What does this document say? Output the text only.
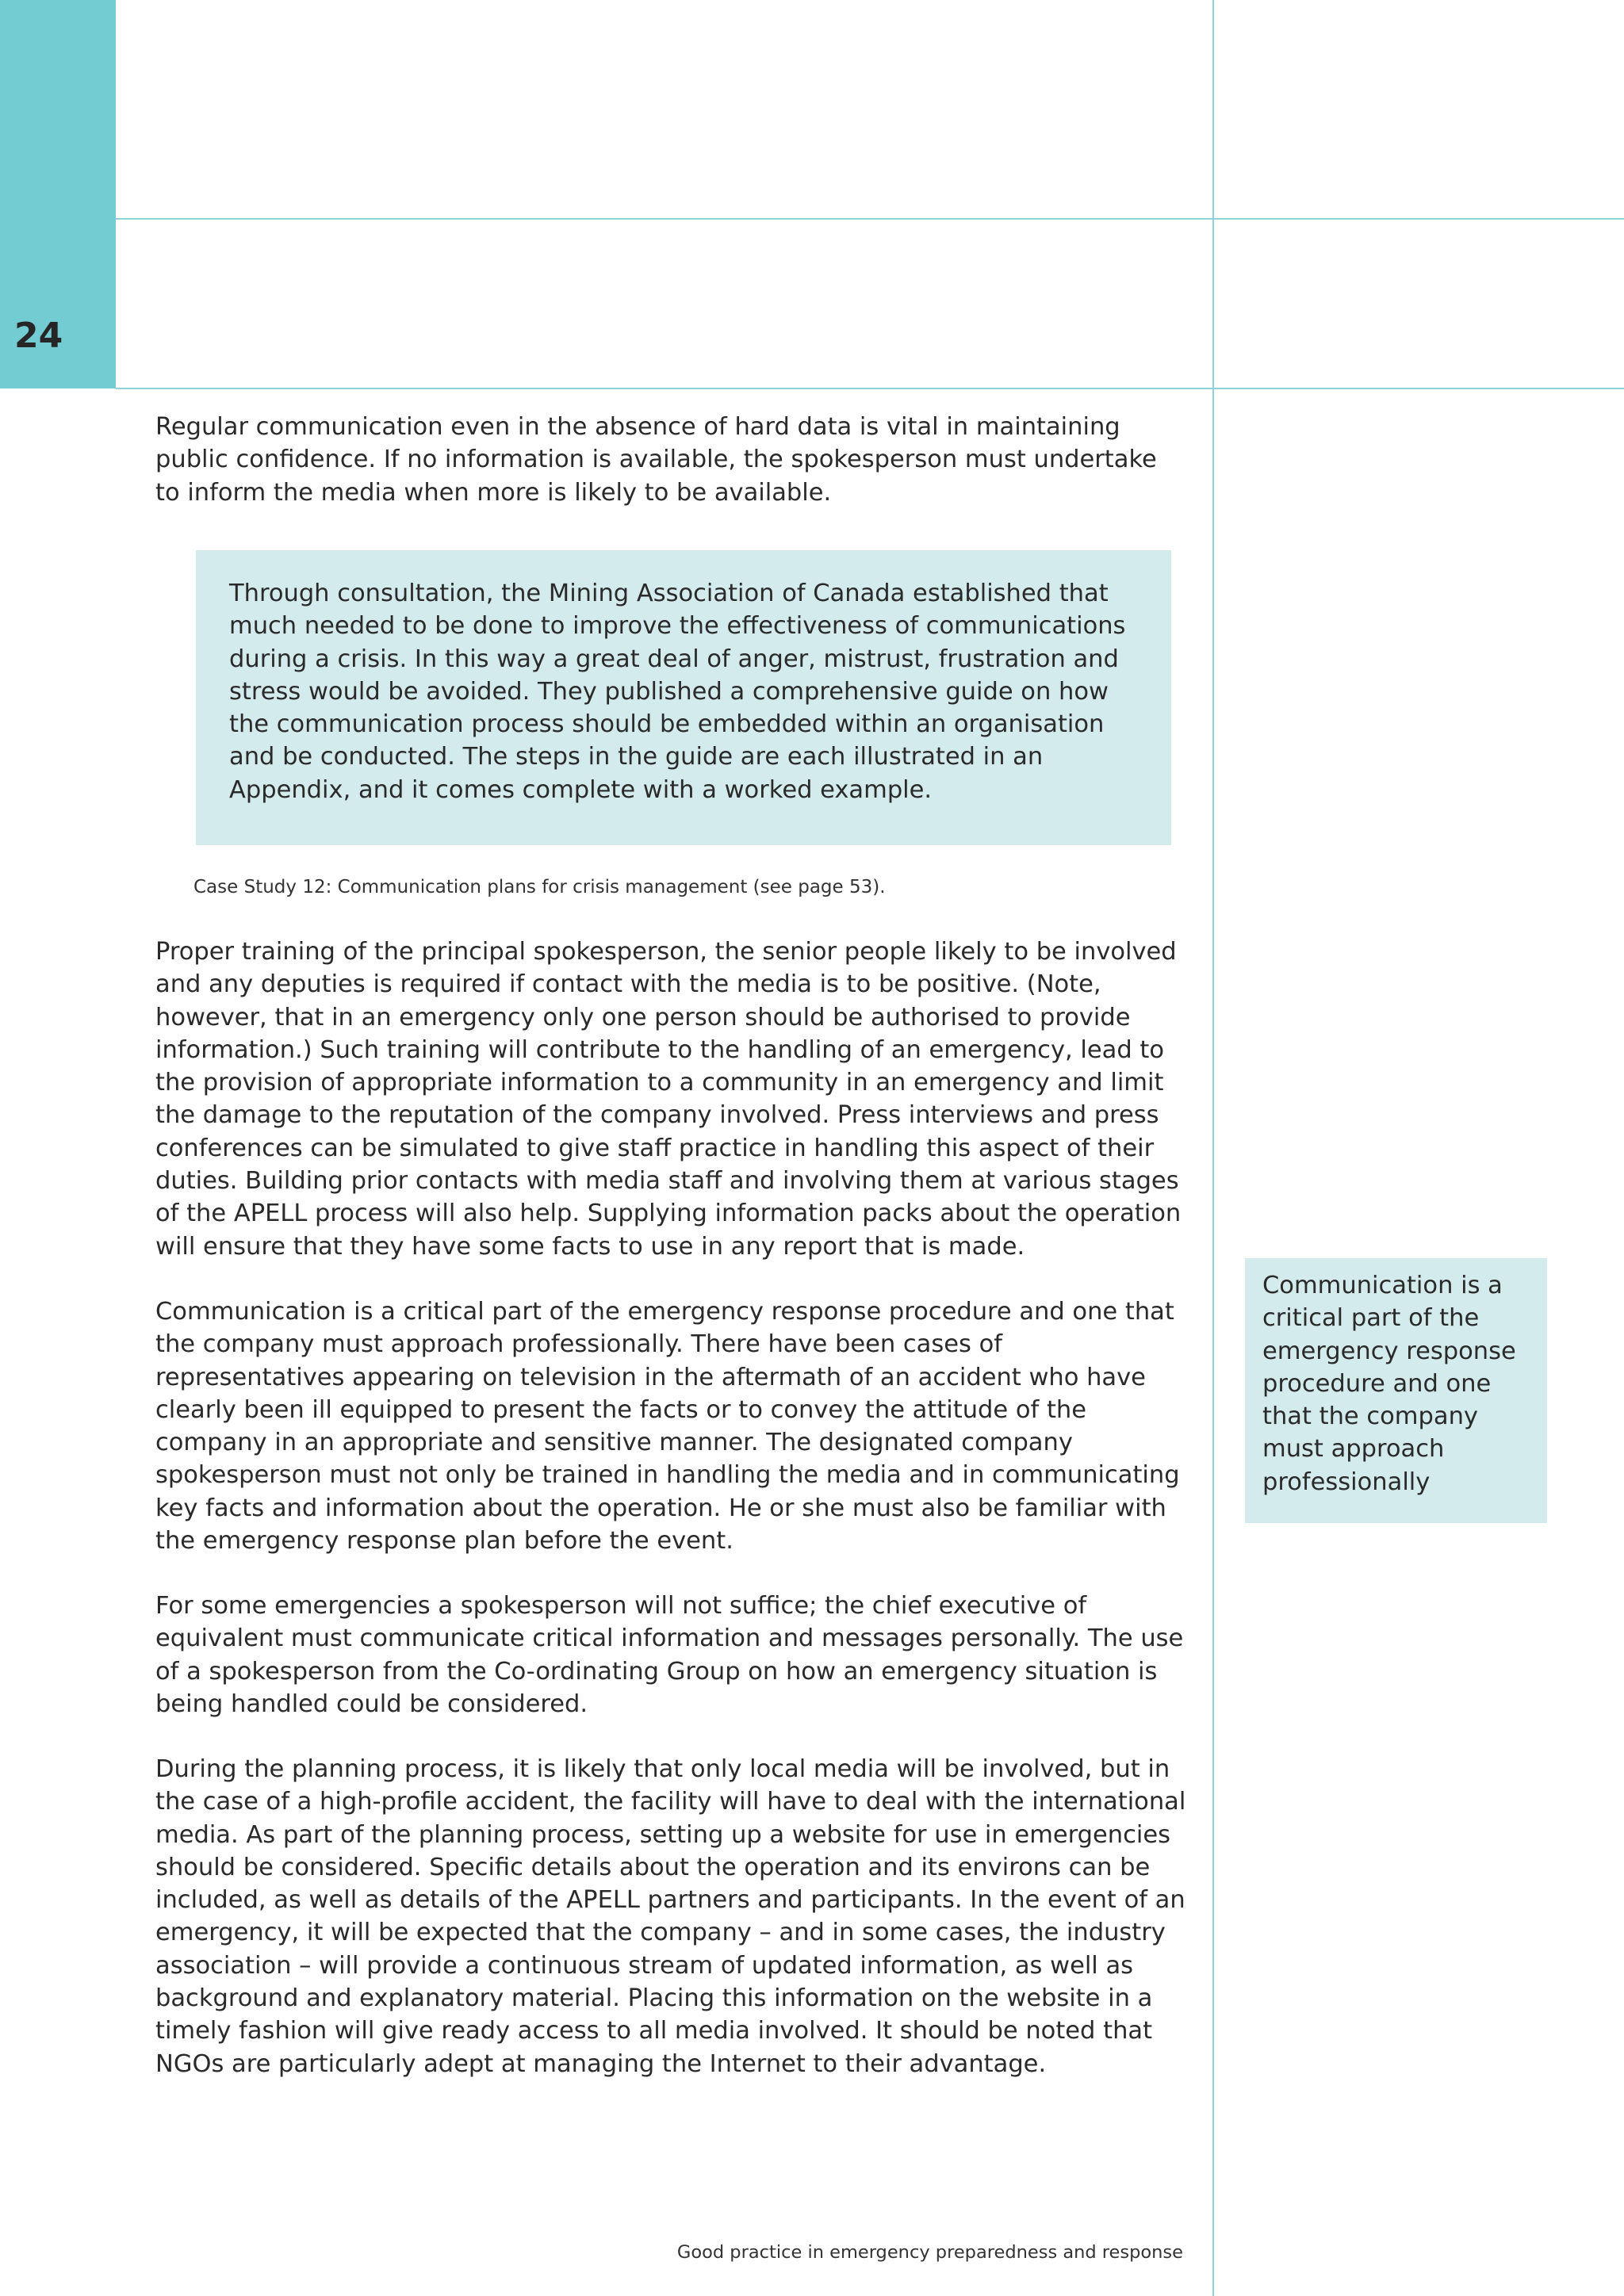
24

Regular communication even in the absence of hard data is vital in maintaining public confidence. If no information is available, the spokesperson must undertake to inform the media when more is likely to be available.

Through consultation, the Mining Association of Canada established that much needed to be done to improve the effectiveness of communications during a crisis. In this way a great deal of anger, mistrust, frustration and stress would be avoided. They published a comprehensive guide on how the communication process should be embedded within an organisation and be conducted. The steps in the guide are each illustrated in an Appendix, and it comes complete with a worked example.

Case Study 12: Communication plans for crisis management (see page 53).

Proper training of the principal spokesperson, the senior people likely to be involved and any deputies is required if contact with the media is to be positive. (Note, however, that in an emergency only one person should be authorised to provide information.) Such training will contribute to the handling of an emergency, lead to the provision of appropriate information to a community in an emergency and limit the damage to the reputation of the company involved. Press interviews and press conferences can be simulated to give staff practice in handling this aspect of their duties. Building prior contacts with media staff and involving them at various stages of the APELL process will also help. Supplying information packs about the operation will ensure that they have some facts to use in any report that is made.

Communication is a critical part of the emergency response procedure and one that the company must approach professionally. There have been cases of representatives appearing on television in the aftermath of an accident who have clearly been ill equipped to present the facts or to convey the attitude of the company in an appropriate and sensitive manner. The designated company spokesperson must not only be trained in handling the media and in communicating key facts and information about the operation. He or she must also be familiar with the emergency response plan before the event.

For some emergencies a spokesperson will not suffice; the chief executive of equivalent must communicate critical information and messages personally. The use of a spokesperson from the Co-ordinating Group on how an emergency situation is being handled could be considered.

During the planning process, it is likely that only local media will be involved, but in the case of a high-profile accident, the facility will have to deal with the international media. As part of the planning process, setting up a website for use in emergencies should be considered. Specific details about the operation and its environs can be included, as well as details of the APELL partners and participants. In the event of an emergency, it will be expected that the company – and in some cases, the industry association – will provide a continuous stream of updated information, as well as background and explanatory material. Placing this information on the website in a timely fashion will give ready access to all media involved. It should be noted that NGOs are particularly adept at managing the Internet to their advantage.

Communication is a critical part of the emergency response procedure and one that the company must approach professionally

Good practice in emergency preparedness and response
